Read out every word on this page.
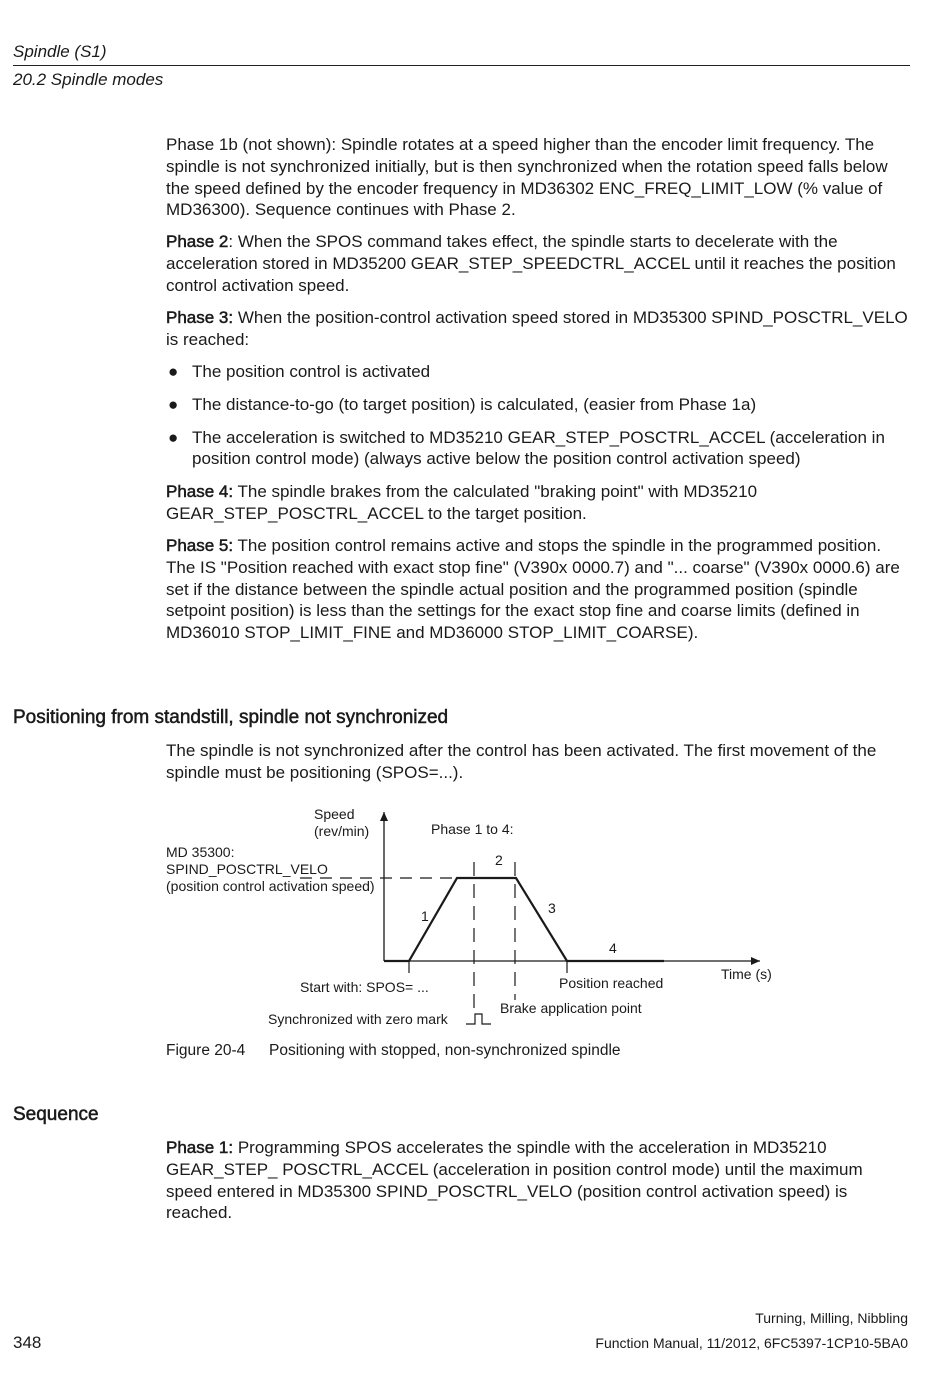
Spindle (S1)
20.2 Spindle modes

Phase 1b (not shown): Spindle rotates at a speed higher than the encoder limit frequency. The spindle is not synchronized initially, but is then synchronized when the rotation speed falls below the speed defined by the encoder frequency in MD36302 ENC_FREQ_LIMIT_LOW (% value of MD36300). Sequence continues with Phase 2.

Phase 2: When the SPOS command takes effect, the spindle starts to decelerate with the acceleration stored in MD35200 GEAR_STEP_SPEEDCTRL_ACCEL until it reaches the position control activation speed.

Phase 3: When the position-control activation speed stored in MD35300 SPIND_POSCTRL_VELO is reached:

● The position control is activated
● The distance-to-go (to target position) is calculated, (easier from Phase 1a)
● The acceleration is switched to MD35210 GEAR_STEP_POSCTRL_ACCEL (acceleration in position control mode) (always active below the position control activation speed)

Phase 4: The spindle brakes from the calculated "braking point" with MD35210 GEAR_STEP_POSCTRL_ACCEL to the target position.

Phase 5: The position control remains active and stops the spindle in the programmed position. The IS "Position reached with exact stop fine" (V390x 0000.7) and "... coarse" (V390x 0000.6) are set if the distance between the spindle actual position and the programmed position (spindle setpoint position) is less than the settings for the exact stop fine and coarse limits (defined in MD36010 STOP_LIMIT_FINE and MD36000 STOP_LIMIT_COARSE).

Positioning from standstill, spindle not synchronized

The spindle is not synchronized after the control has been activated. The first movement of the spindle must be positioning (SPOS=...).

Speed
(rev/min)	Phase 1 to 4:
MD 35300:
SPIND_POSCTRL_VELO
(position control activation speed)
1
2
3
4
Time (s)
Start with: SPOS= ...	Position reached
Brake application point
Synchronized with zero mark
Figure 20-4 Positioning with stopped, non-synchronized spindle
Sequence

Phase 1: Programming SPOS accelerates the spindle with the acceleration in MD35210 GEAR_STEP_ POSCTRL_ACCEL (acceleration in position control mode) until the maximum speed entered in MD35300 SPIND_POSCTRL_VELO (position control activation speed) is reached.

Turning, Milling, Nibbling
348	Function Manual, 11/2012, 6FC5397-1CP10-5BA0
